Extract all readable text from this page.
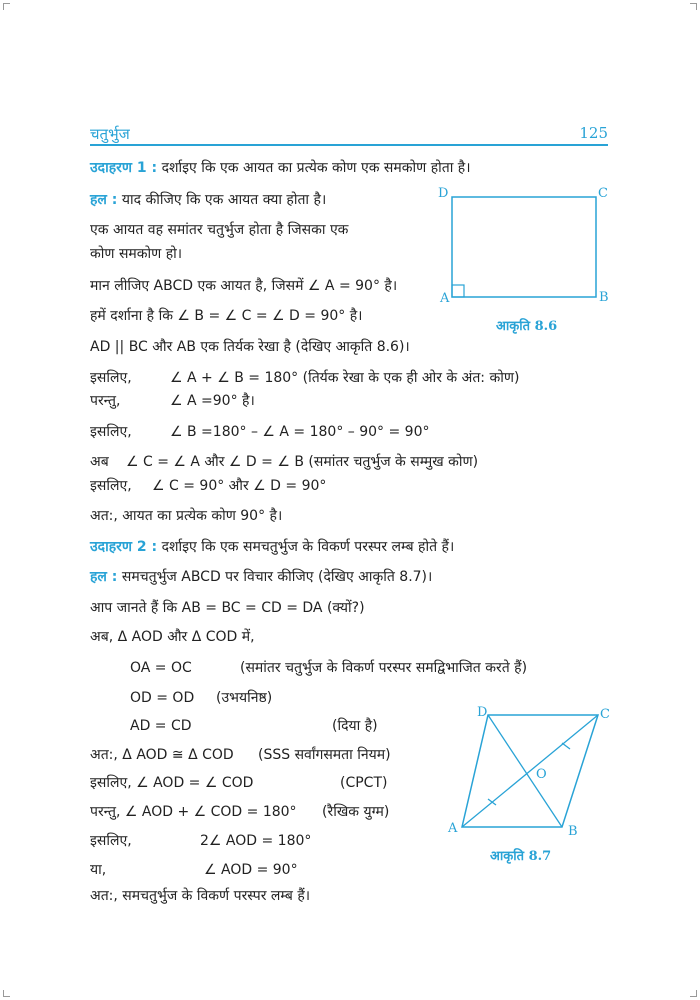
चतुर्भुज	125
उदाहरण 1 : दर्शाइए कि एक आयत का प्रत्येक कोण एक समकोण होता है।
हल : याद कीजिए कि एक आयत क्या होता है।
एक आयत वह समांतर चतुर्भुज होता है जिसका एक
कोण समकोण हो।
मान लीजिए ABCD एक आयत है, जिसमें ∠ A = 90° है।
हमें दर्शाना है कि ∠ B = ∠ C = ∠ D = 90° है।
AD || BC और AB एक तिर्यक रेखा है (देखिए आकृति 8.6)।
इसलिए,	∠ A + ∠ B = 180° (तिर्यक रेखा के एक ही ओर के अंत: कोण)
परन्तु,	∠ A =90° है।
इसलिए,	∠ B =180° – ∠ A = 180° – 90° = 90°
अब ∠ C = ∠ A और ∠ D = ∠ B (समांतर चतुर्भुज के सम्मुख कोण)
इसलिए, ∠ C = 90° और ∠ D = 90°
अत:, आयत का प्रत्येक कोण 90° है।
D	C
A	B
आकृति 8.6
उदाहरण 2 : दर्शाइए कि एक समचतुर्भुज के विकर्ण परस्पर लम्ब होते हैं।
हल : समचतुर्भुज ABCD पर विचार कीजिए (देखिए आकृति 8.7)।
आप जानते हैं कि AB = BC = CD = DA (क्यों?)
अब, Δ AOD और Δ COD में,
OA = OC	(समांतर चतुर्भुज के विकर्ण परस्पर समद्विभाजित करते हैं)
OD = OD (उभयनिष्ठ)
AD = CD	(दिया है)
अत:, Δ AOD ≅ Δ COD (SSS सर्वांगसमता नियम)
इसलिए, ∠ AOD = ∠ COD	(CPCT)
परन्तु, ∠ AOD + ∠ COD = 180° (रैखिक युग्म)
इसलिए,	2∠ AOD = 180°
या,	∠ AOD = 90°
अत:, समचतुर्भुज के विकर्ण परस्पर लम्ब हैं।
D	C
A	B
O
आकृति 8.7
